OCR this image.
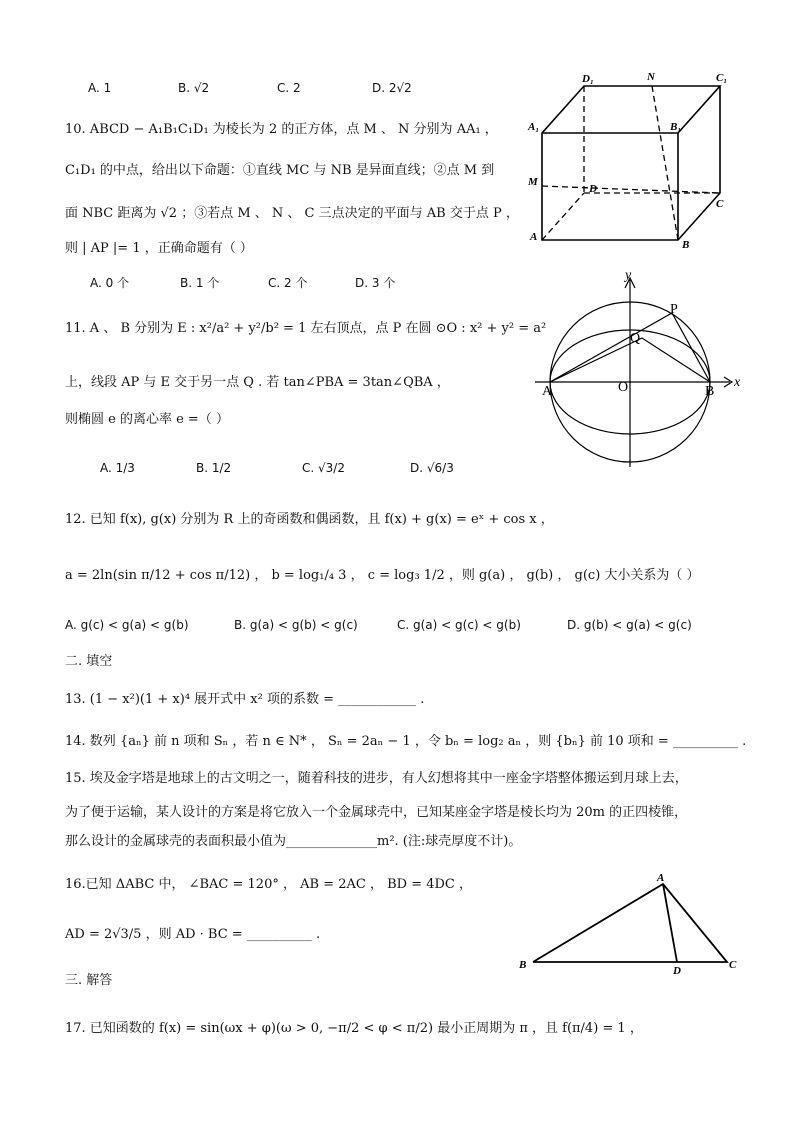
A. 1	B. √2	C. 2	D. 2√2
10. ABCD − A₁B₁C₁D₁ 为棱长为 2 的正方体，点 M 、 N 分别为 AA₁ ，
C₁D₁ 的中点，给出以下命题：①直线 MC 与 NB 是异面直线；②点 M 到
面 NBC 距离为 √2 ；③若点 M 、 N 、 C 三点决定的平面与 AB 交于点 P ，
则 | AP |= 1 ，正确命题有（ ）
A. 0 个	B. 1 个	C. 2 个	D. 3 个
D₁	N	C₁
A₁	B₁
M
D
C
A
B
11. A 、 B 分别为 E : x²/a² + y²/b² = 1 左右顶点，点 P 在圆 ⊙O : x² + y² = a²
上，线段 AP 与 E 交于另一点 Q . 若 tan∠PBA = 3tan∠QBA ，
则椭圆 e 的离心率 e =（ ）
A. 1/3	B. 1/2	C. √3/2	D. √6/3
y
x
P
Q
A	O	B
12. 已知 f(x), g(x) 分别为 R 上的奇函数和偶函数，且 f(x) + g(x) = eˣ + cos x ，
a = 2ln(sin π/12 + cos π/12) ， b = log₁/₄ 3 ， c = log₃ 1/2 ，则 g(a) ， g(b) ， g(c) 大小关系为（ ）
A. g(c) < g(a) < g(b)	B. g(a) < g(b) < g(c)	C. g(a) < g(c) < g(b)	D. g(b) < g(a) < g(c)
二. 填空
13. (1 − x²)(1 + x)⁴ 展开式中 x² 项的系数 = ____________ .
14. 数列 {aₙ} 前 n 项和 Sₙ ，若 n ∈ N* ， Sₙ = 2aₙ − 1 ，令 bₙ = log₂ aₙ ，则 {bₙ} 前 10 项和 = __________ .
15. 埃及金字塔是地球上的古文明之一，随着科技的进步，有人幻想将其中一座金字塔整体搬运到月球上去，
为了便于运输，某人设计的方案是将它放入一个金属球壳中，已知某座金字塔是棱长均为 20m 的正四棱锥，
那么设计的金属球壳的表面积最小值为______________m². (注:球壳厚度不计)。
16.已知 ΔABC 中， ∠BAC = 120° ， AB = 2AC ， BD = 4DC ，
AD = 2√3/5 ，则 AD · BC = __________ .
A
B	D	C
三. 解答
17. 已知函数的 f(x) = sin(ωx + φ)(ω > 0, −π/2 < φ < π/2) 最小正周期为 π ，且 f(π/4) = 1 ，
